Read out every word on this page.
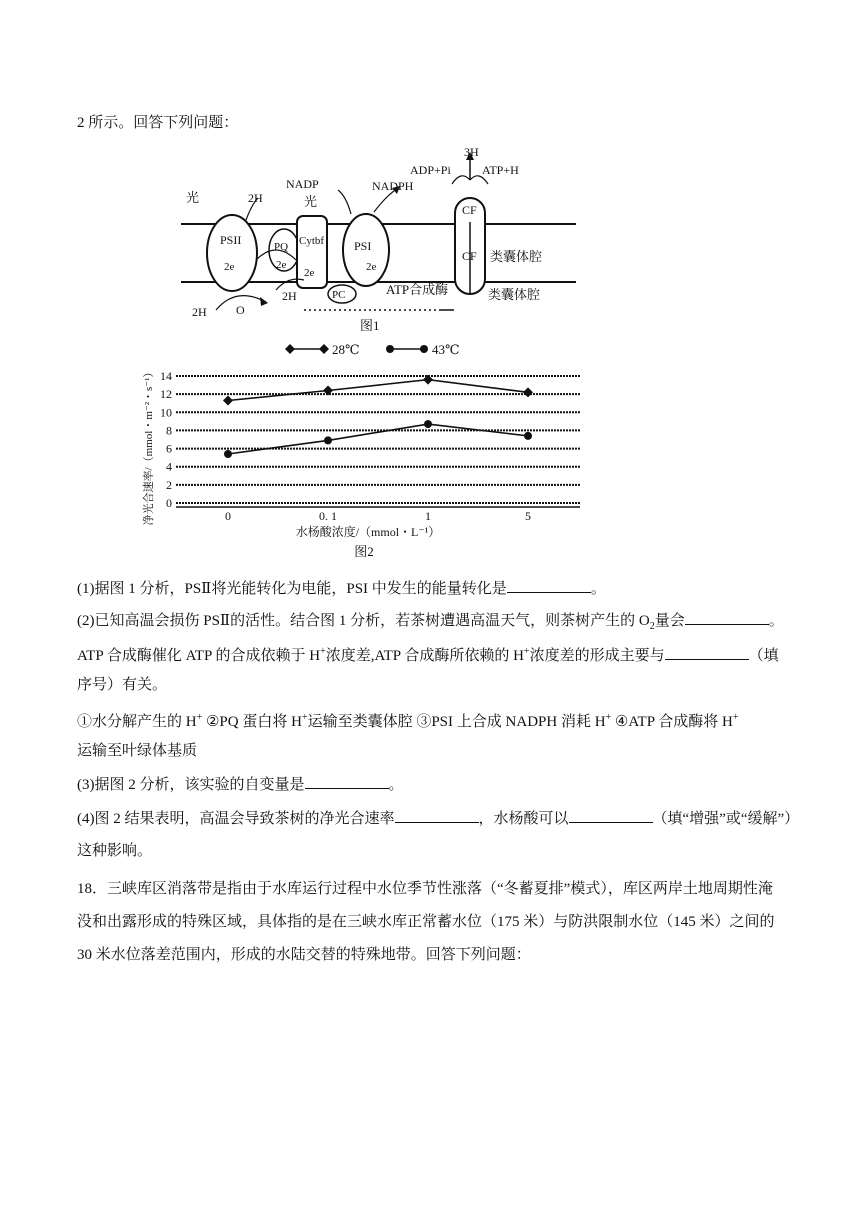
2 所示。回答下列问题：
光	2H
PSII	PQ Cytbf PSI
2e	2e
2e	2e
2H	PC
2H O
NADP
光
NADPH
ADP+Pi	ATP+H
3H
CF
CF 类囊体腔
类囊体腔
ATP合成酶
图1
0
2
4
6
8
10
12
14
0	0. 1	1	5
28℃	43℃
净光合速率/（mmol・m⁻²・s⁻¹）
水杨酸浓度/（mmol・L⁻¹）
图2
(1)据图 1 分析，PSⅡ将光能转化为电能，PSI 中发生的能量转化是	。
(2)已知高温会损伤 PSⅡ的活性。结合图 1 分析，若茶树遭遇高温天气，则茶树产生的 $O_2$量会	。
ATP 合成酶催化 ATP 的合成依赖于 H+浓度差,ATP 合成酶所依赖的 H+浓度差的形成主要与	（填
序号）有关。
①水分解产生的 H+ ②PQ 蛋白将 H+运输至类囊体腔 ③PSI 上合成 NADPH 消耗 H+ ④ATP 合成酶将 H+
运输至叶绿体基质
(3)据图 2 分析，该实验的自变量是	。
(4)图 2 结果表明，高温会导致茶树的净光合速率	，水杨酸可以	（填“增强”或“缓解”）
这种影响。
18．三峡库区消落带是指由于水库运行过程中水位季节性涨落（“冬蓄夏排”模式），库区两岸土地周期性淹
没和出露形成的特殊区域，具体指的是在三峡水库正常蓄水位（175 米）与防洪限制水位（145 米）之间的
30 米水位落差范围内，形成的水陆交替的特殊地带。回答下列问题：
